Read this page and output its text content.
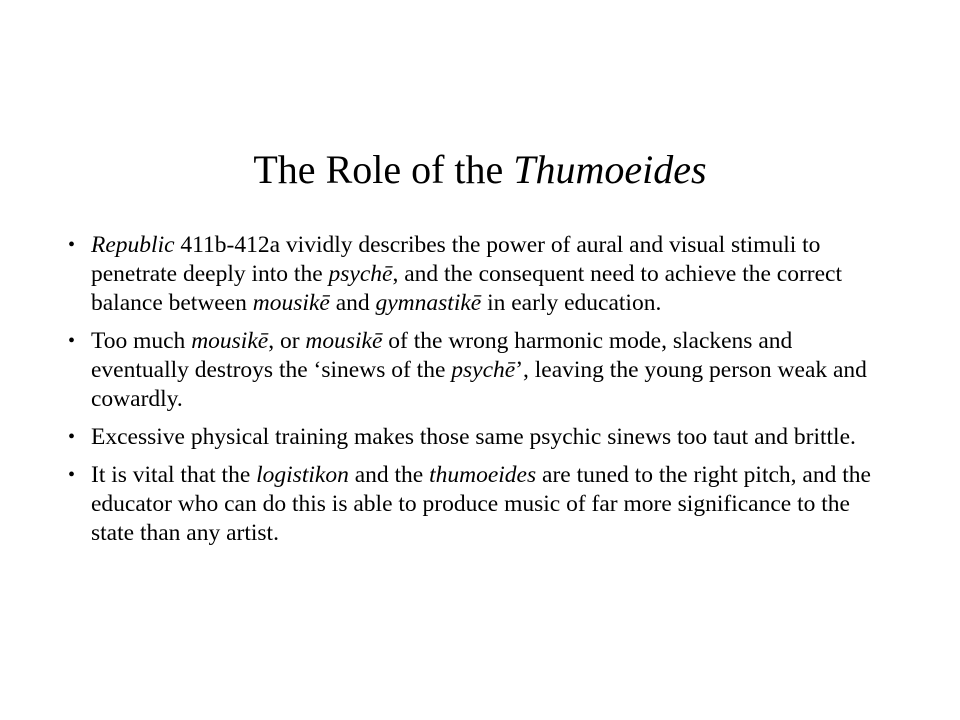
The Role of the Thumoeides
• Republic 411b-412a vividly describes the power of aural and visual stimuli to penetrate deeply into the psychē, and the consequent need to achieve the correct balance between mousikē and gymnastikē in early education.
• Too much mousikē, or mousikē of the wrong harmonic mode, slackens and eventually destroys the ‘sinews of the psychē’, leaving the young person weak and cowardly.
• Excessive physical training makes those same psychic sinews too taut and brittle.
• It is vital that the logistikon and the thumoeides are tuned to the right pitch, and the educator who can do this is able to produce music of far more significance to the state than any artist.
